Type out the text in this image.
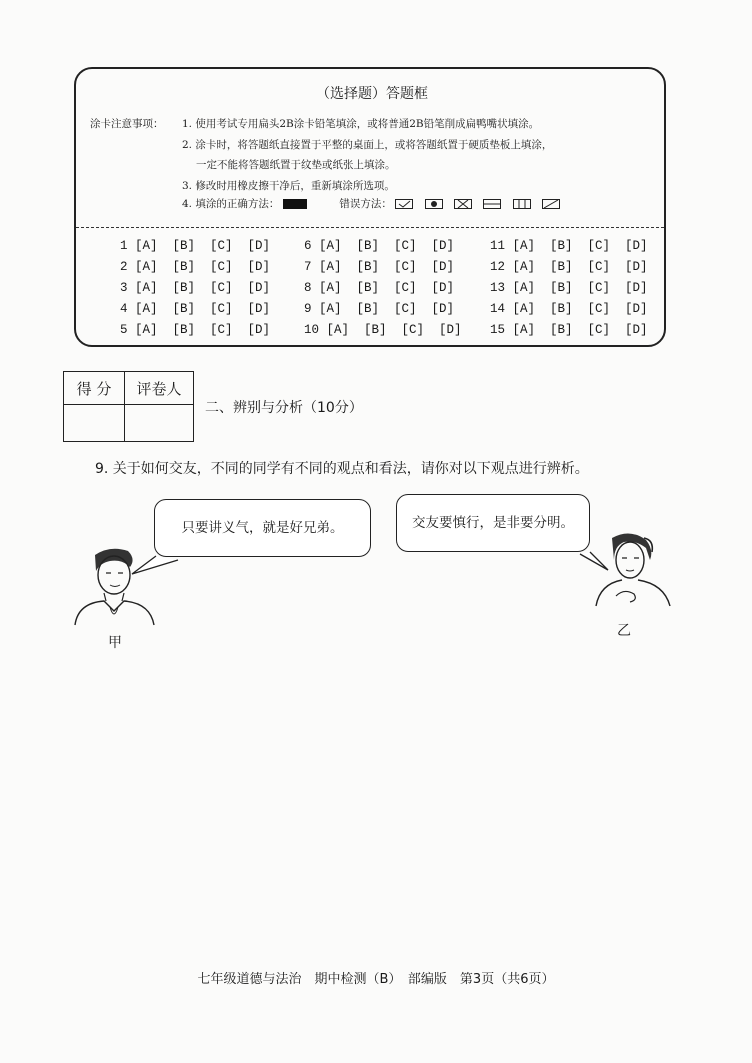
（选择题）答题框
涂卡注意事项： 1. 使用考试专用扁头2B涂卡铅笔填涂，或将普通2B铅笔削成扁鸭嘴状填涂。
2. 涂卡时，将答题纸直接置于平整的桌面上，或将答题纸置于硬质垫板上填涂，
一定不能将答题纸置于纹垫或纸张上填涂。
3. 修改时用橡皮擦干净后，重新填涂所选项。
4. 填涂的正确方法：	错误方法：

1 [A]  [B]  [C]  [D]
2 [A]  [B]  [C]  [D]
3 [A]  [B]  [C]  [D]
4 [A]  [B]  [C]  [D]
5 [A]  [B]  [C]  [D]
6 [A]  [B]  [C]  [D]
7 [A]  [B]  [C]  [D]
8 [A]  [B]  [C]  [D]
9 [A]  [B]  [C]  [D]
10 [A]  [B]  [C]  [D]
11 [A]  [B]  [C]  [D]
12 [A]  [B]  [C]  [D]
13 [A]  [B]  [C]  [D]
14 [A]  [B]  [C]  [D]
15 [A]  [B]  [C]  [D]
得 分	评卷人

二、辨别与分析（10分）
9. 关于如何交友，不同的同学有不同的观点和看法，请你对以下观点进行辨析。
只要讲义气，就是好兄弟。	交友要慎行，是非要分明。
甲
乙
七年级道德与法治　期中检测（B）　部编版　第3页（共6页）
